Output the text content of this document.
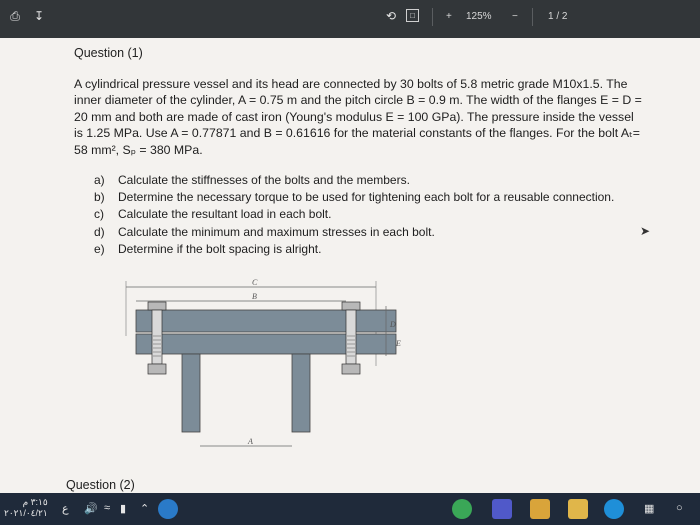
⎙ ↧	⟲	□	+ 125% −	1 / 2
Question (1)
A cylindrical pressure vessel and its head are connected by 30 bolts of 5.8 metric grade M10x1.5. The inner diameter of the cylinder, A = 0.75 m and the pitch circle B = 0.9 m. The width of the flanges E = D = 20 mm and both are made of cast iron (Young's modulus E = 100 GPa). The pressure inside the vessel is 1.25 MPa. Use A = 0.77871 and B = 0.61616 for the material constants of the flanges. For the bolt Aₜ= 58 mm², Sₚ = 380 MPa.
a) Calculate the stiffnesses of the bolts and the members.
b) Determine the necessary torque to be used for tightening each bolt for a reusable connection.
c) Calculate the resultant load in each bolt.
d) Calculate the minimum and maximum stresses in each bolt.
e) Determine if the bolt spacing is alright.
➤
C
B
D
E
A
Question (2)
٣:١٥ م
٢٠٢١/٠٤/٢١ ع 🔊 ≈ ▮ ⌃	▦ ○
